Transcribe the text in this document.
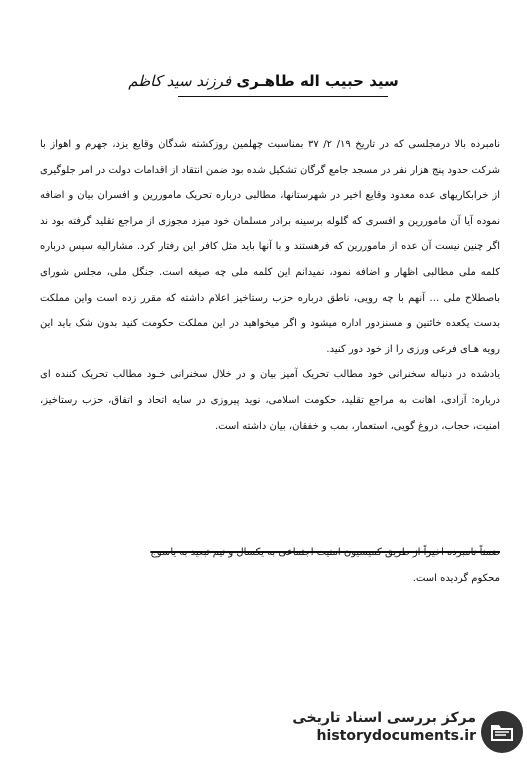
سید حبیب اله طاهـری فرزند سید کاظم

نامبرده بالا درمجلسی که در تاریخ ۱۹/ ۲/ ۳۷ بمناسبت چهلمین روزکشته شدگان وقایع یزد، جهرم و اهواز با شرکت حدود پنج هزار نفر در مسجد جامع گرگان تشکیل شده بود ضمن انتقاد از اقدامات دولت در امر جلوگیری از خرابکاریهای عده معدود وقایع اخیر در شهرستانها، مطالبی درباره تحریک ماموررین و افسران بیان و اضافه نموده آیا آن ماموررین و افسری که گلوله برسینه برادر مسلمان خود میزد مجوزی از مراجع تقلید گرفته بود ند اگر چنین نیست آن عده از ماموررین که فرهستند و با آنها باید مثل کافر این رفتار کرد. مشارالیه سپس درباره کلمه ملی مطالبی اظهار و اضافه نمود، نمیدانم این کلمه ملی چه صیغه است. جنگل ملی، مجلس شورای باصطلاح ملی … آنهم با چه رویی، ناطق درباره حزب رستاخیز اعلام داشته که مقرر زده است واین مملکت بدست یکعده خائنین و مسنزدور اداره میشود و اگر میخواهید در این مملکت حکومت کنید بدون شک باید این رویه هـای فرعی ورزی را از خود دور کنید.

یادشده در دنباله سخنرانی خود مطالب تحریک آمیز بیان و در خلال سخنرانی خـود مطالب تحریک کننده ای درباره: آزادی، اهانت به مراجع تقلید، حکومت اسلامی، نوید پیروزی در سایه اتحاد و اتفاق، حزب رستاخیز، امنیت، حجاب، دروغ گویی، استعمار، بمب و خفقان، بیان داشته است.

ضمناً نامبرده اخیراً از طریق کمیسیون امنیت اجتماعی به یکسال و نیم تبعید به یاسوج
محکوم گردیده است.
مرکز بررسی اسناد تاریخی
historydocuments.ir
